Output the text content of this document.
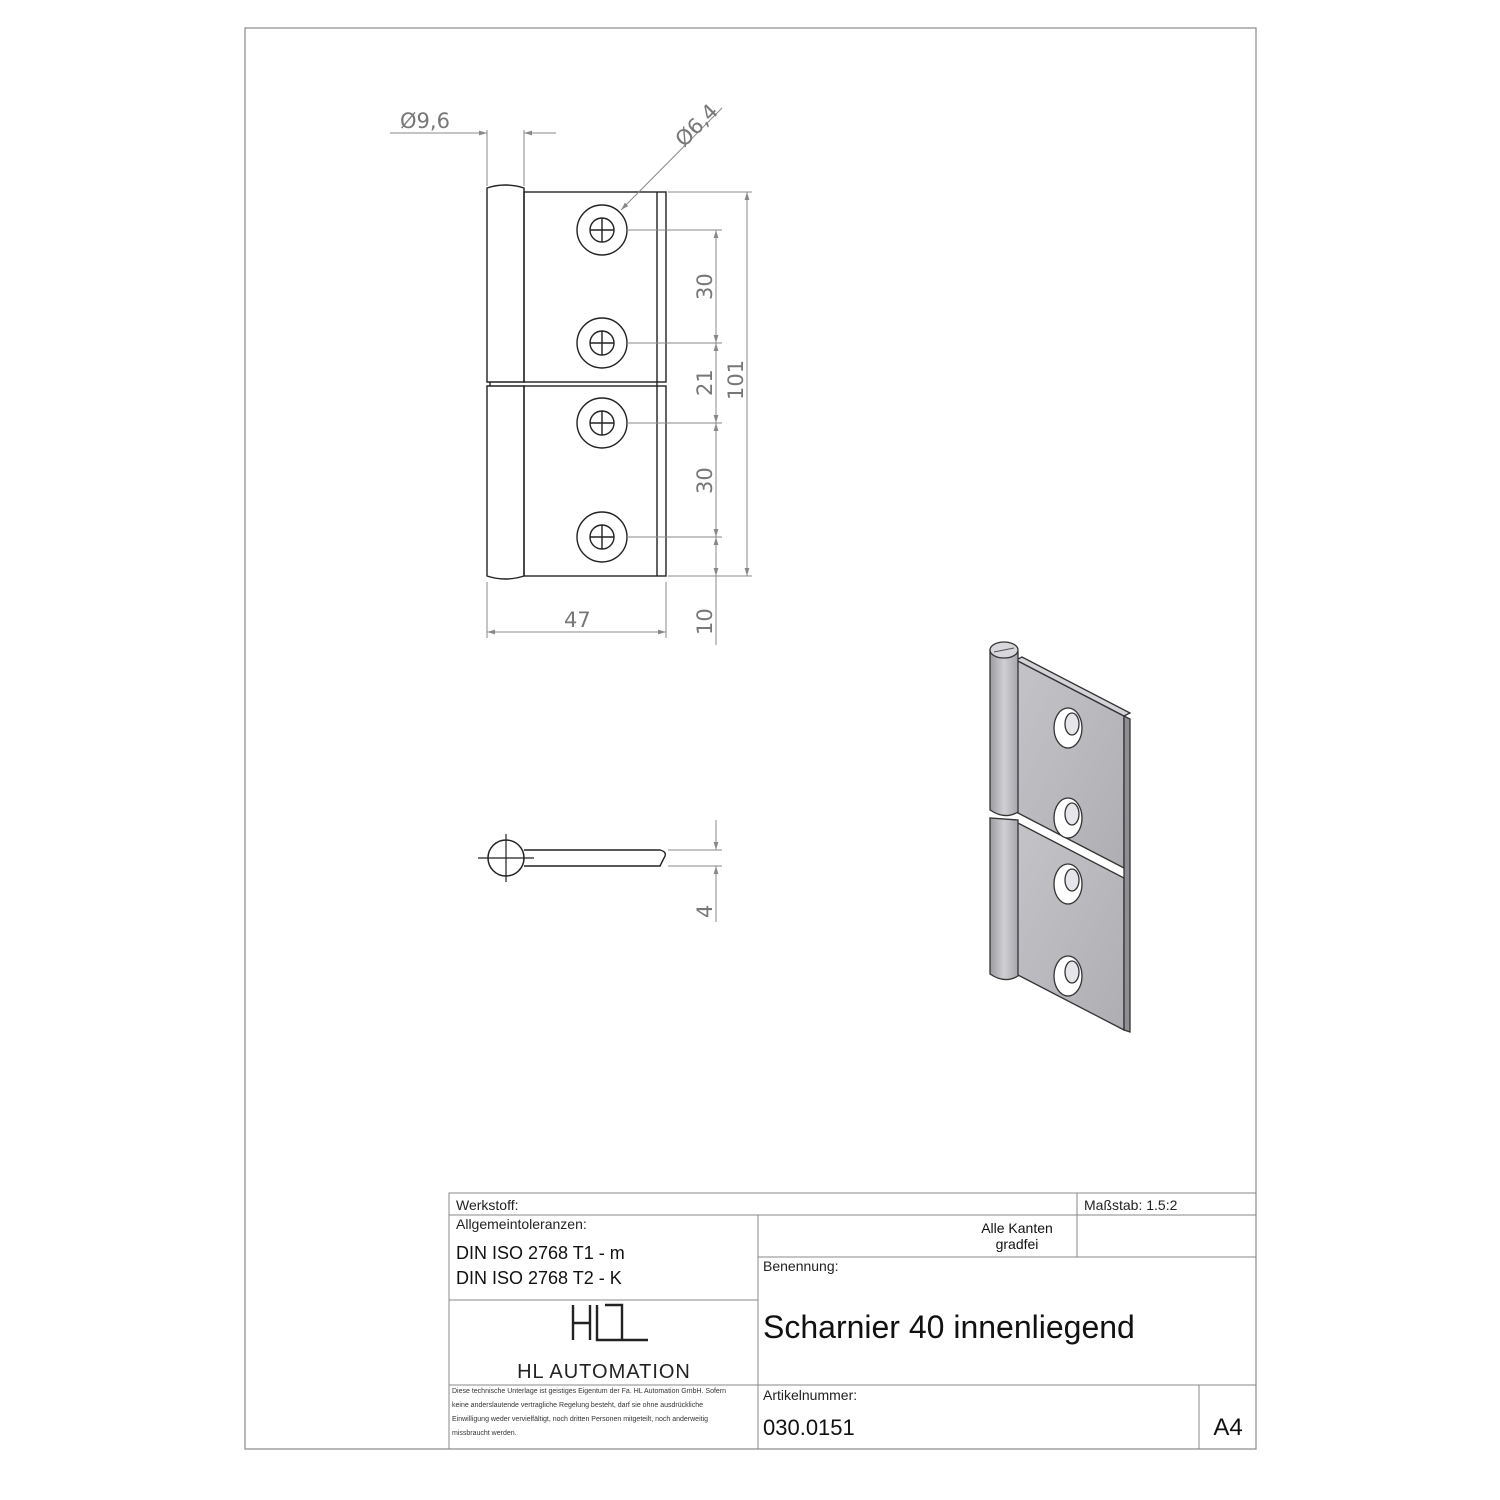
Ø9,6	Ø6,4
30
21
30
101
47	10
4
Werkstoff:	Maßstab: 1.5:2
Allgemeintoleranzen:
DIN ISO 2768 T1 - m
DIN ISO 2768 T2 - K
Alle Kanten
gradfei
Benennung:
Scharnier 40 innenliegend
HL AUTOMATION
Diese technische Unterlage ist geistiges Eigentum der Fa. HL Automation GmbH. Sofern
keine anderslautende vertragliche Regelung besteht, darf sie ohne ausdrückliche
Einwilligung weder vervielfältigt, noch dritten Personen mitgeteilt, noch anderweitig
missbraucht werden.
Artikelnummer:
030.0151	A4
